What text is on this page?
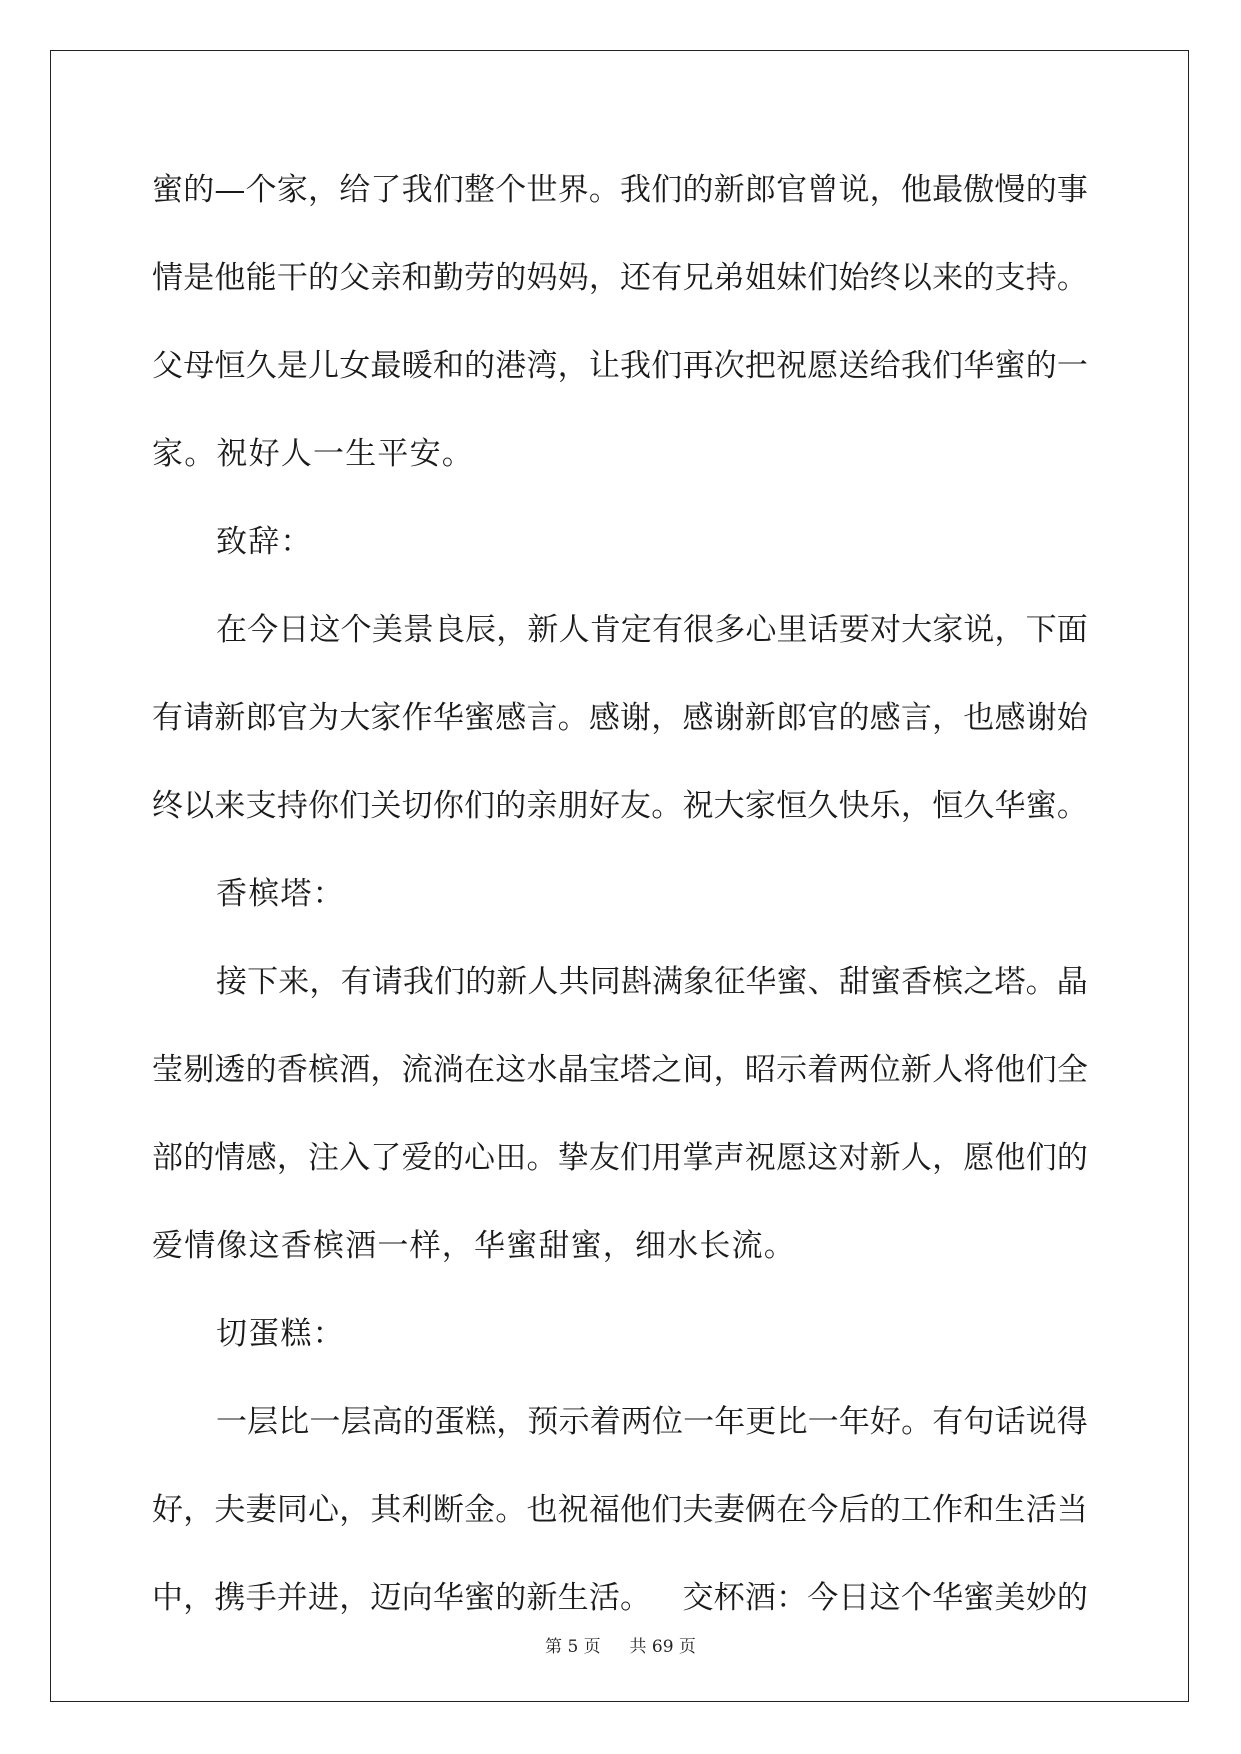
蜜 的 — 个 家 ， 给 了 我 们 整 个 世 界 。 我 们 的 新 郎 官 曾 说 ， 他 最 傲 慢 的 事
情 是 他 能 干 的 父 亲 和 勤 劳 的 妈 妈 ， 还 有 兄 弟 姐 妹 们 始 终 以 来 的 支 持 。
父 母 恒 久 是 儿 女 最 暖 和 的 港 湾 ， 让 我 们 再 次 把 祝 愿 送 给 我 们 华 蜜 的 一
家。祝好人一生平安。
致辞：
在 今 日 这 个 美 景 良 辰 ， 新 人 肯 定 有 很 多 心 里 话 要 对 大 家 说 ， 下 面
有 请 新 郎 官 为 大 家 作 华 蜜 感 言 。 感 谢 ， 感 谢 新 郎 官 的 感 言 ， 也 感 谢 始
终 以 来 支 持 你 们 关 切 你 们 的 亲 朋 好 友 。 祝 大 家 恒 久 快 乐 ， 恒 久 华 蜜 。
香槟塔：
接 下 来 ， 有 请 我 们 的 新 人 共 同 斟 满 象 征 华 蜜 、 甜 蜜 香 槟 之 塔 。 晶
莹 剔 透 的 香 槟 酒 ， 流 淌 在 这 水 晶 宝 塔 之 间 ， 昭 示 着 两 位 新 人 将 他 们 全
部 的 情 感 ， 注 入 了 爱 的 心 田 。 挚 友 们 用 掌 声 祝 愿 这 对 新 人 ， 愿 他 们 的
爱情像这香槟酒一样，华蜜甜蜜，细水长流。
切蛋糕：
一 层 比 一 层 高 的 蛋 糕 ， 预 示 着 两 位 一 年 更 比 一 年 好 。 有 句 话 说 得
好 ， 夫 妻 同 心 ， 其 利 断 金 。 也 祝 福 他 们 夫 妻 俩 在 今 后 的 工 作 和 生 活 当
中 ， 携 手 并 进 ， 迈 向 华 蜜 的 新 生 活 。
　 交 杯 酒 ： 今 日 这 个 华 蜜 美 妙 的
第 5 页 共 69 页
